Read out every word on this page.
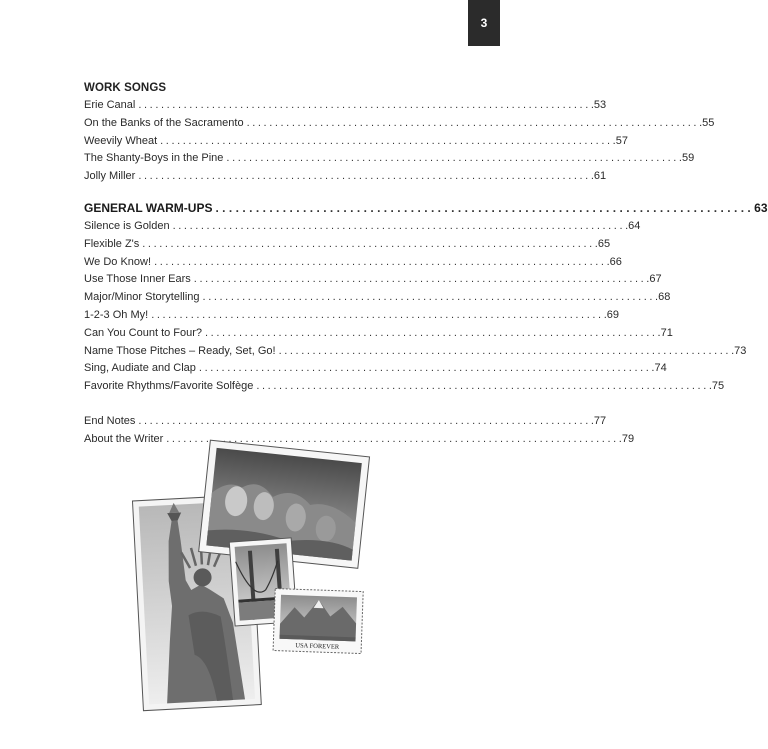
3
WORK SONGS
Erie Canal ................................................................................ .53
On the Banks of the Sacramento ................................................................................ .55
Weevily Wheat ................................................................................ .57
The Shanty-Boys in the Pine ................................................................................ .59
Jolly Miller ................................................................................ .61
GENERAL WARM-UPS ................................................................................ 63
Silence is Golden ................................................................................ .64
Flexible Z's ................................................................................ .65
We Do Know! ................................................................................ .66
Use Those Inner Ears ................................................................................ .67
Major/Minor Storytelling ................................................................................ .68
1-2-3 Oh My! ................................................................................ .69
Can You Count to Four? ................................................................................ .71
Name Those Pitches – Ready, Set, Go! ................................................................................ .73
Sing, Audiate and Clap ................................................................................ .74
Favorite Rhythms/Favorite Solfège ................................................................................ .75
End Notes ................................................................................ .77
About the Writer ................................................................................ .79
USA FOREVER
